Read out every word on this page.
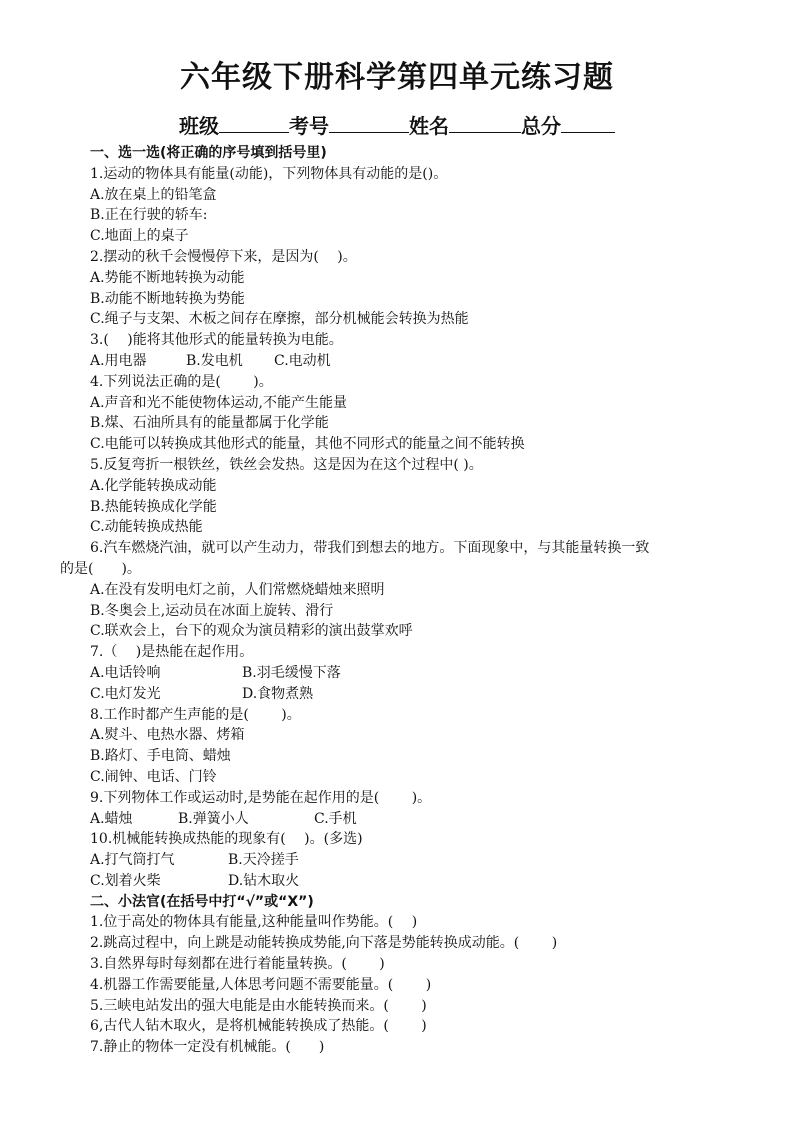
六年级下册科学第四单元练习题
班级	考号	姓名	总分
一、选一选(将正确的序号填到括号里)
1.运动的物体具有能量(动能)，下列物体具有动能的是()。
A.放在桌上的铅笔盒
B.正在行驶的轿车:
C.地面上的桌子
2.摆动的秋千会慢慢停下来，是因为(　 )。
A.势能不断地转换为动能
B.动能不断地转换为势能
C.绳子与支架、木板之间存在摩擦，部分机械能会转换为热能
3.(　 )能将其他形式的能量转换为电能。
A.用电器	B.发电机 C.电动机
4.下列说法正确的是(　　 )。
A.声音和光不能使物体运动,不能产生能量
B.煤、石油所具有的能量都属于化学能
C.电能可以转换成其他形式的能量，其他不同形式的能量之间不能转换
5.反复弯折一根铁丝，铁丝会发热。这是因为在这个过程中( )。
A.化学能转换成动能
B.热能转换成化学能
C.动能转换成热能
6.汽车燃烧汽油，就可以产生动力，带我们到想去的地方。下面现象中，与其能量转换一致
的是(　　)。
A.在没有发明电灯之前，人们常燃烧蜡烛来照明
B.冬奥会上,运动员在冰面上旋转、滑行
C.联欢会上，台下的观众为演员精彩的演出鼓掌欢呼
7.（　 )是热能在起作用。
A.电话铃响	B.羽毛缓慢下落
C.电灯发光	D.食物煮熟
8.工作时都产生声能的是(　　 )。
A.熨斗、电热水器、烤箱
B.路灯、手电筒、蜡烛
C.闹钟、电话、门铃
9.下列物体工作或运动时,是势能在起作用的是(　　 )。
A.蜡烛	B.弹簧小人	C.手机
10.机械能转换成热能的现象有(　 )。(多选)
A.打气筒打气	B.天冷搓手
C.划着火柴	D.钻木取火
二、小法官(在括号中打“√”或“X”)
1.位于高处的物体具有能量,这种能量叫作势能。(　 )
2.跳高过程中，向上跳是动能转换成势能,向下落是势能转换成动能。(　　 )
3.自然界每时每刻都在进行着能量转换。(　　 )
4.机器工作需要能量,人体思考问题不需要能量。(　　 )
5.三峡电站发出的强大电能是由水能转换而来。(　　 )
6,古代人钻木取火，是将机械能转换成了热能。(　　 )
7.静止的物体一定没有机械能。(　　)
